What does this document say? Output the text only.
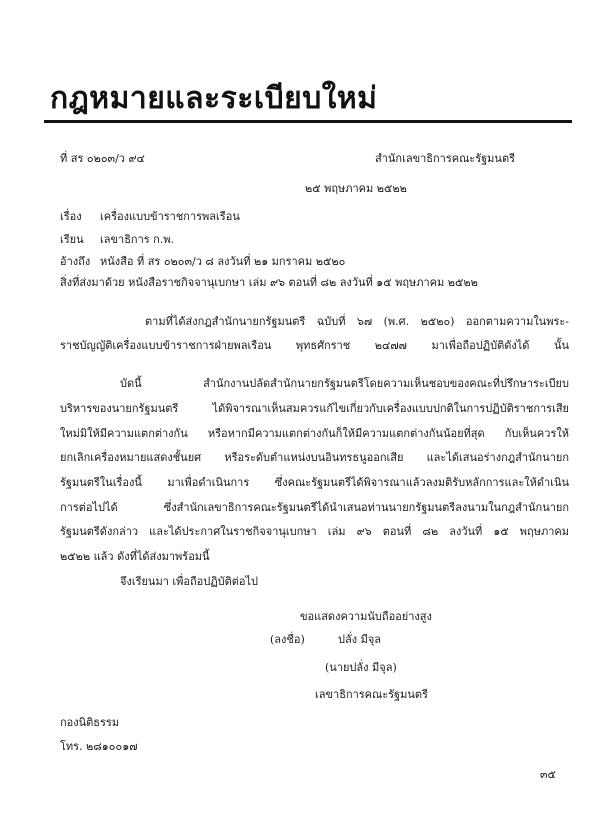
กฎหมายและระเบียบใหม่
ที่ สร ๐๒๐๓/ว ๙๔	สำนักเลขาธิการคณะรัฐมนตรี
๒๕ พฤษภาคม ๒๕๒๒
เรื่อง เครื่องแบบข้าราชการพลเรือน
เรียน เลขาธิการ ก.พ.
อ้างถึง หนังสือ ที่ สร ๐๒๐๓/ว ๘ ลงวันที่ ๒๑ มกราคม ๒๕๒๐
สิ่งที่ส่งมาด้วย หนังสือราชกิจจานุเบกษา เล่ม ๙๖ ตอนที่ ๘๒ ลงวันที่ ๑๕ พฤษภาคม ๒๕๒๒
ตามที่ได้ส่งกฎสำนักนายกรัฐมนตรี ฉบับที่ ๖๗ (พ.ศ. ๒๕๒๐) ออกตามความในพระ-
ราชบัญญัติเครื่องแบบข้าราชการฝ่ายพลเรือน พุทธศักราช ๒๔๗๗ มาเพื่อถือปฏิบัติดังได้ นั้น
บัดนี้ สำนักงานปลัดสำนักนายกรัฐมนตรีโดยความเห็นชอบของคณะที่ปรึกษาระเบียบ
บริหารของนายกรัฐมนตรี ได้พิจารณาเห็นสมควรแก้ไขเกี่ยวกับเครื่องแบบปกติในการปฏิบัติราชการเสีย
ใหม่มิให้มีความแตกต่างกัน หรือหากมีความแตกต่างกันก็ให้มีความแตกต่างกันน้อยที่สุด กับเห็นควรให้
ยกเลิกเครื่องหมายแสดงชั้นยศ หรือระดับตำแหน่งบนอินทรธนูออกเสีย และได้เสนอร่างกฎสำนักนายก
รัฐมนตรีในเรื่องนี้ มาเพื่อดำเนินการ ซึ่งคณะรัฐมนตรีได้พิจารณาแล้วลงมติรับหลักการและให้ดำเนิน
การต่อไปได้ ซึ่งสำนักเลขาธิการคณะรัฐมนตรีได้นำเสนอท่านนายกรัฐมนตรีลงนามในกฎสำนักนายก
รัฐมนตรีดังกล่าว และได้ประกาศในราชกิจจานุเบกษา เล่ม ๙๖ ตอนที่ ๘๒ ลงวันที่ ๑๕ พฤษภาคม
๒๕๒๒ แล้ว ดังที่ได้ส่งมาพร้อมนี้
จึงเรียนมา เพื่อถือปฏิบัติต่อไป
ขอแสดงความนับถืออย่างสูง
(ลงชื่อ)	ปลั่ง มีจุล
(นายปลั่ง มีจุล)
เลขาธิการคณะรัฐมนตรี
กองนิติธรรม
โทร. ๒๘๑๐๐๑๗
๓๕
